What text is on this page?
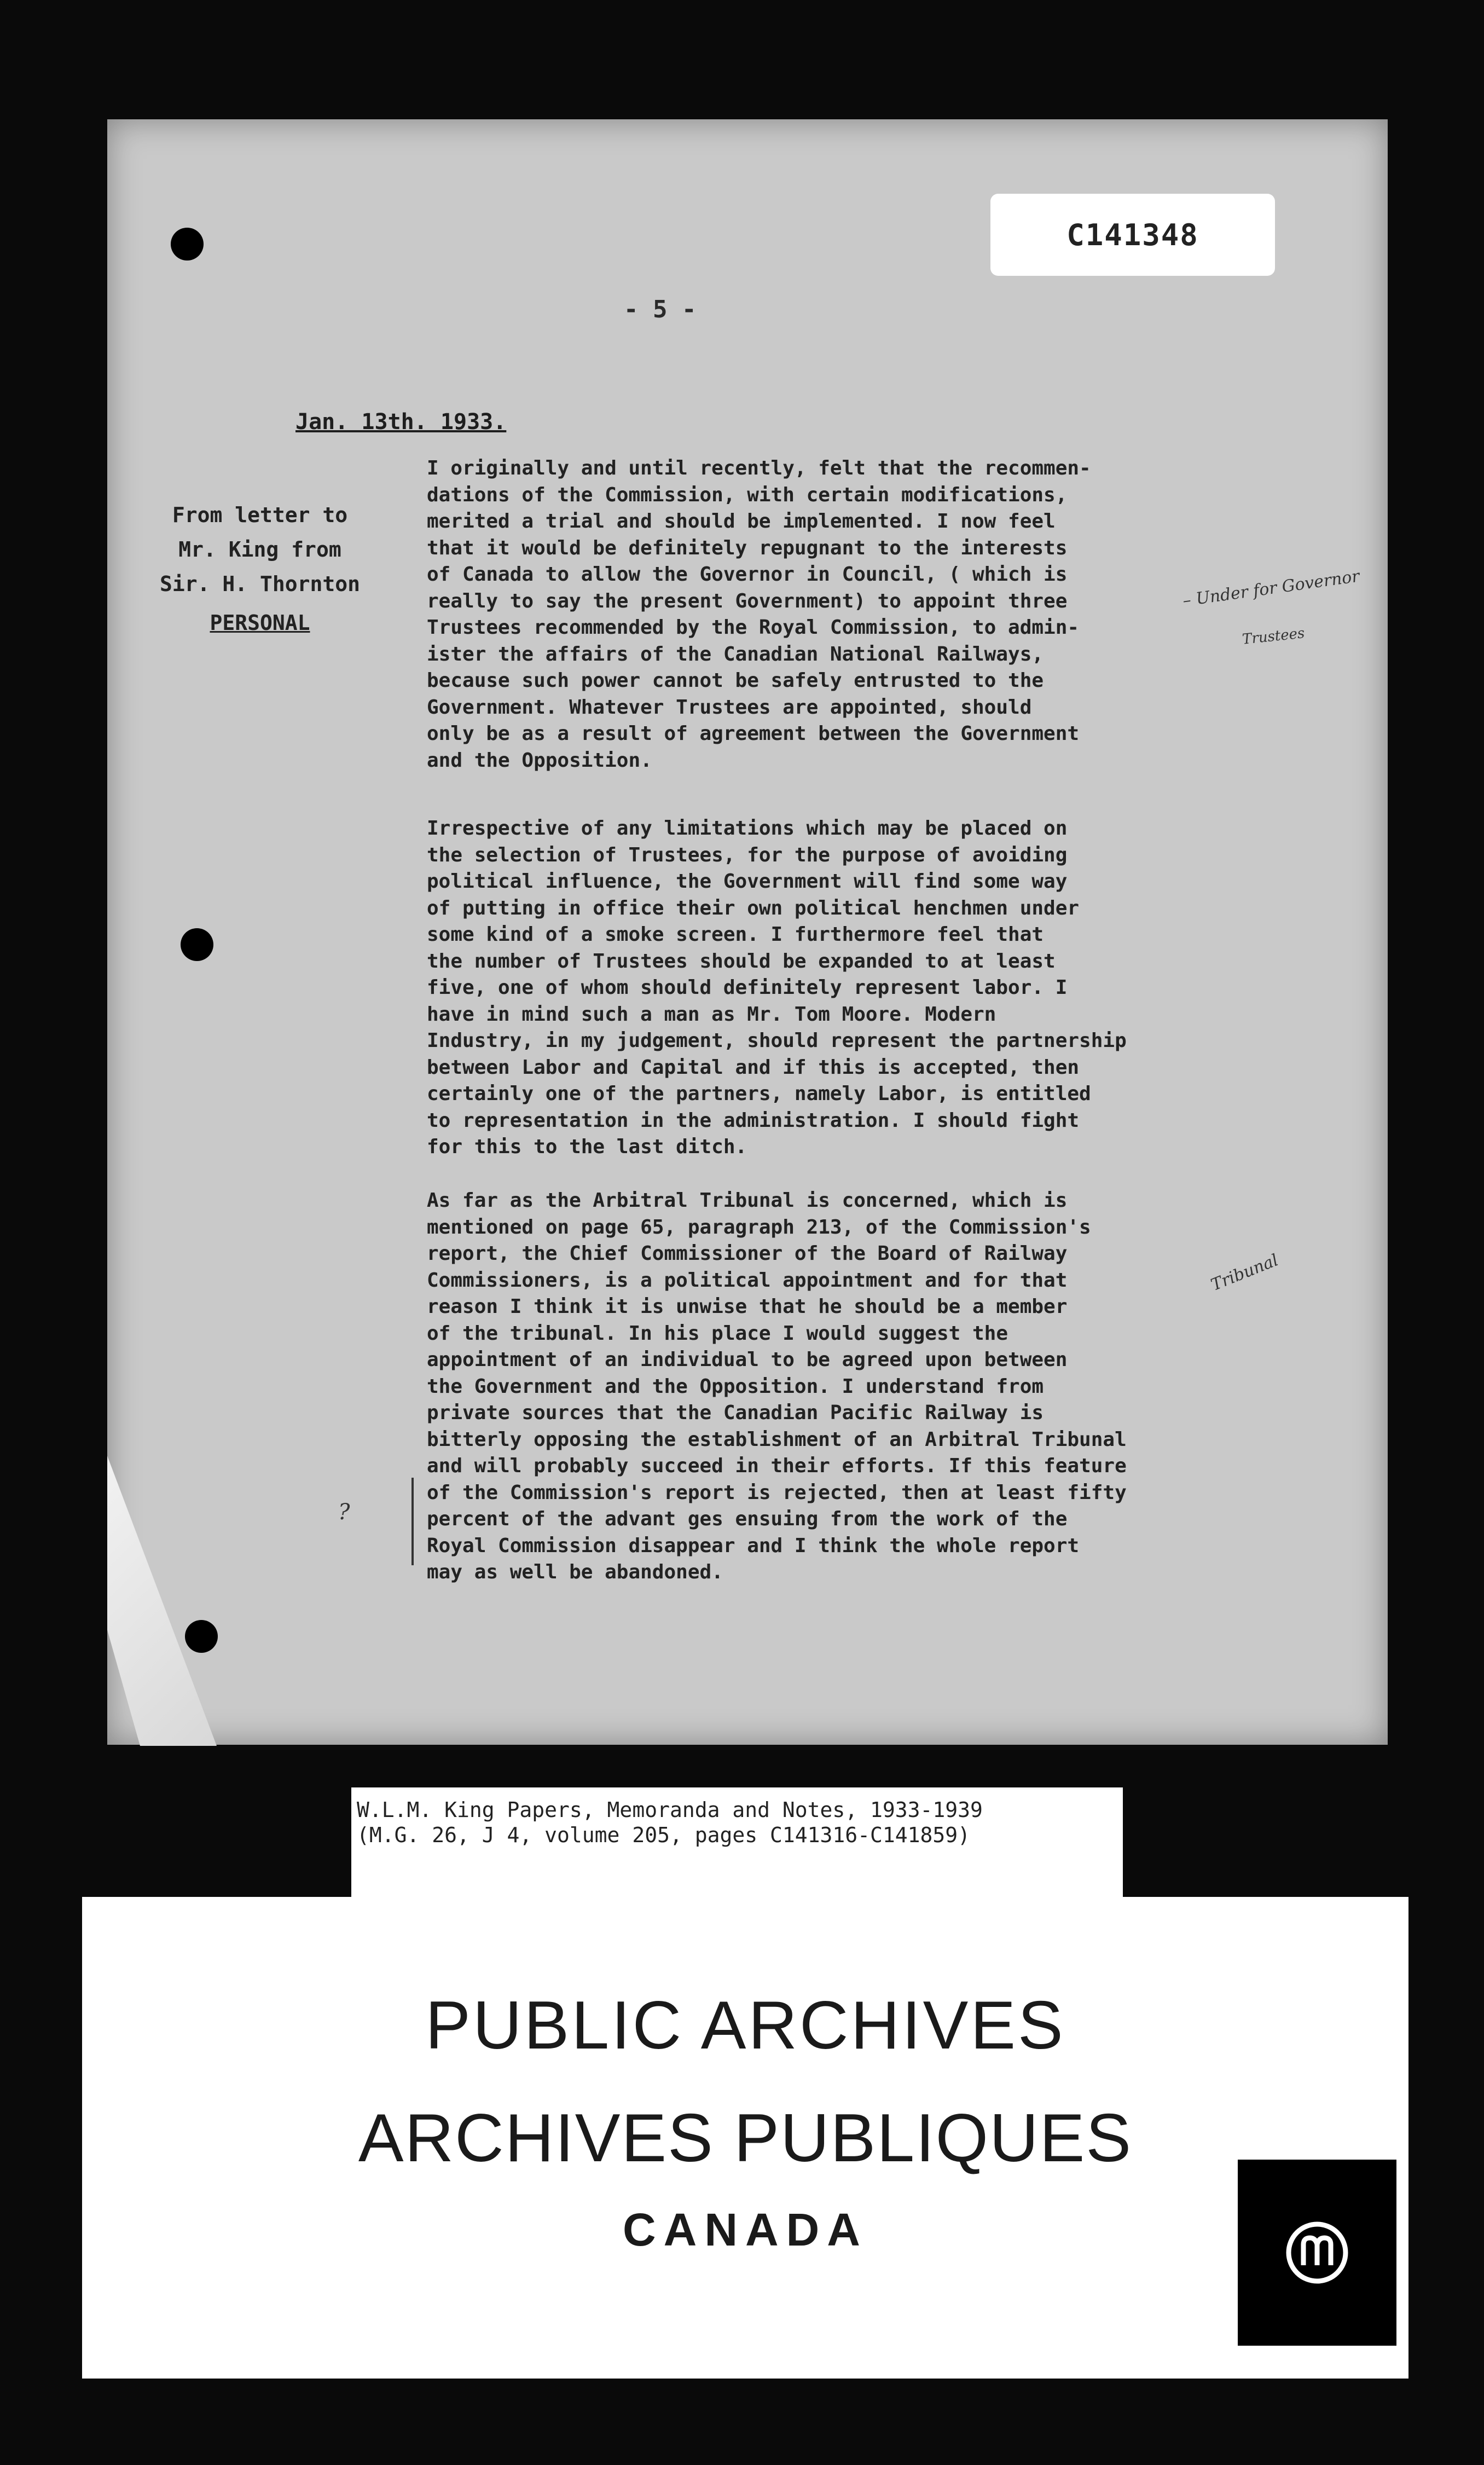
C141348
- 5 -
Jan. 13th. 1933.
From letter to
Mr. King from
Sir. H. Thornton
PERSONAL
I originally and until recently, felt that the recommen-
dations of the Commission, with certain modifications,
merited a trial and should be implemented. I now feel
that it would be definitely repugnant to the interests
of Canada to allow the Governor in Council, ( which is
really to say the present Government) to appoint three
Trustees recommended by the Royal Commission, to admin-
ister the affairs of the Canadian National Railways,
because such power cannot be safely entrusted to the
Government. Whatever Trustees are appointed, should
only be as a result of agreement between the Government
and the Opposition.
Irrespective of any limitations which may be placed on
the selection of Trustees, for the purpose of avoiding
political influence, the Government will find some way
of putting in office their own political henchmen under
some kind of a smoke screen. I furthermore feel that
the number of Trustees should be expanded to at least
five, one of whom should definitely represent labor. I
have in mind such a man as Mr. Tom Moore. Modern
Industry, in my judgement, should represent the partnership
between Labor and Capital and if this is accepted, then
certainly one of the partners, namely Labor, is entitled
to representation in the administration. I should fight
for this to the last ditch.
As far as the Arbitral Tribunal is concerned, which is
mentioned on page 65, paragraph 213, of the Commission's
report, the Chief Commissioner of the Board of Railway
Commissioners, is a political appointment and for that
reason I think it is unwise that he should be a member
of the tribunal. In his place I would suggest the
appointment of an individual to be agreed upon between
the Government and the Opposition. I understand from
private sources that the Canadian Pacific Railway is
bitterly opposing the establishment of an Arbitral Tribunal
and will probably succeed in their efforts. If this feature
of the Commission's report is rejected, then at least fifty
percent of the advant ges ensuing from the work of the
Royal Commission disappear and I think the whole report
may as well be abandoned.
– Under for Governor
Trustees
Tribunal
?
W.L.M. King Papers, Memoranda and Notes, 1933-1939
(M.G. 26, J 4, volume 205, pages C141316-C141859)
PUBLIC ARCHIVES
ARCHIVES PUBLIQUES
CANADA
